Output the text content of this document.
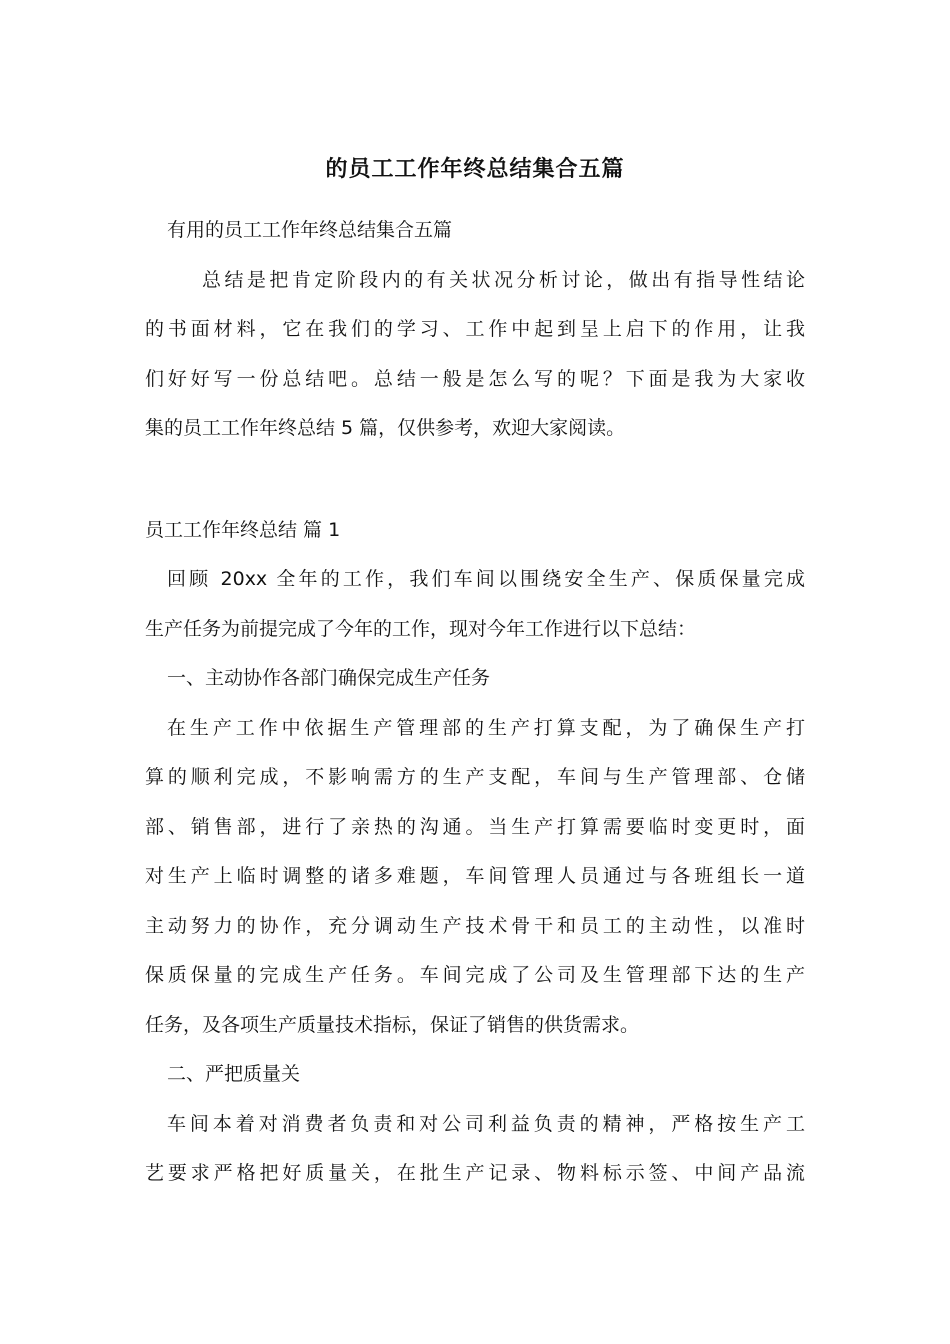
的员工工作年终总结集合五篇

有用的员工工作年终总结集合五篇

总结是把肯定阶段内的有关状况分析讨论，做出有指导性结论

的书面材料，它在我们的学习、工作中起到呈上启下的作用，让我

们好好写一份总结吧。总结一般是怎么写的呢？下面是我为大家收

集的员工工作年终总结 5 篇，仅供参考，欢迎大家阅读。

员工工作年终总结 篇 1

回顾 20xx 全年的工作，我们车间以围绕安全生产、保质保量完成

生产任务为前提完成了今年的工作，现对今年工作进行以下总结：

一、主动协作各部门确保完成生产任务

在生产工作中依据生产管理部的生产打算支配，为了确保生产打

算的顺利完成，不影响需方的生产支配，车间与生产管理部、仓储

部、销售部，进行了亲热的沟通。当生产打算需要临时变更时，面

对生产上临时调整的诸多难题，车间管理人员通过与各班组长一道

主动努力的协作，充分调动生产技术骨干和员工的主动性，以准时

保质保量的完成生产任务。车间完成了公司及生管理部下达的生产

任务，及各项生产质量技术指标，保证了销售的供货需求。

二、严把质量关

车间本着对消费者负责和对公司利益负责的精神，严格按生产工

艺要求严格把好质量关，在批生产记录、物料标示签、中间产品流
